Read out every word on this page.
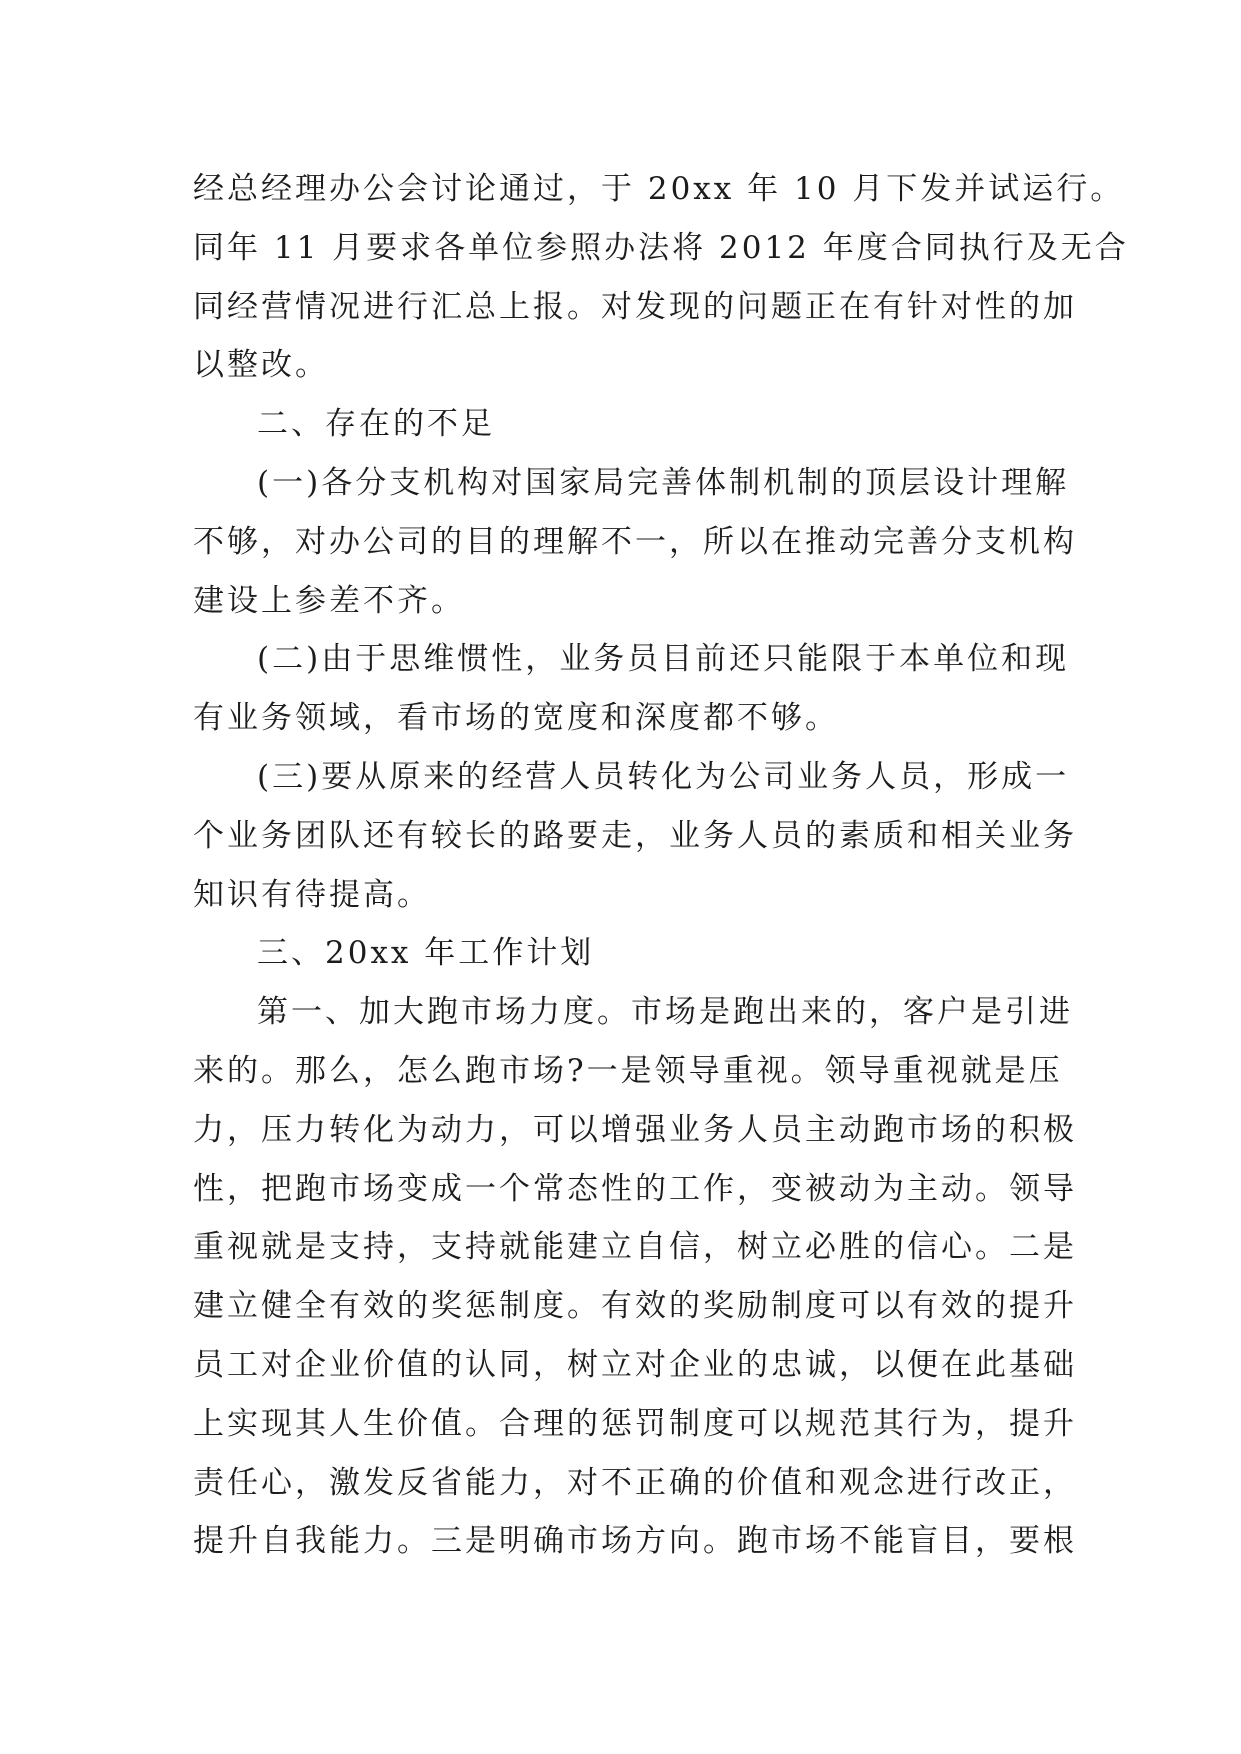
经总经理办公会讨论通过，于 20xx 年 10 月下发并试运行。
同年 11 月要求各单位参照办法将 2012 年度合同执行及无合
同经营情况进行汇总上报。对发现的问题正在有针对性的加
以整改。

二、存在的不足

(一)各分支机构对国家局完善体制机制的顶层设计理解
不够，对办公司的目的理解不一，所以在推动完善分支机构
建设上参差不齐。

(二)由于思维惯性，业务员目前还只能限于本单位和现
有业务领域，看市场的宽度和深度都不够。

(三)要从原来的经营人员转化为公司业务人员，形成一
个业务团队还有较长的路要走，业务人员的素质和相关业务
知识有待提高。

三、20xx 年工作计划

第一、加大跑市场力度。市场是跑出来的，客户是引进
来的。那么，怎么跑市场?一是领导重视。领导重视就是压
力，压力转化为动力，可以增强业务人员主动跑市场的积极
性，把跑市场变成一个常态性的工作，变被动为主动。领导
重视就是支持，支持就能建立自信，树立必胜的信心。二是
建立健全有效的奖惩制度。有效的奖励制度可以有效的提升
员工对企业价值的认同，树立对企业的忠诚，以便在此基础
上实现其人生价值。合理的惩罚制度可以规范其行为，提升
责任心，激发反省能力，对不正确的价值和观念进行改正，
提升自我能力。三是明确市场方向。跑市场不能盲目，要根
